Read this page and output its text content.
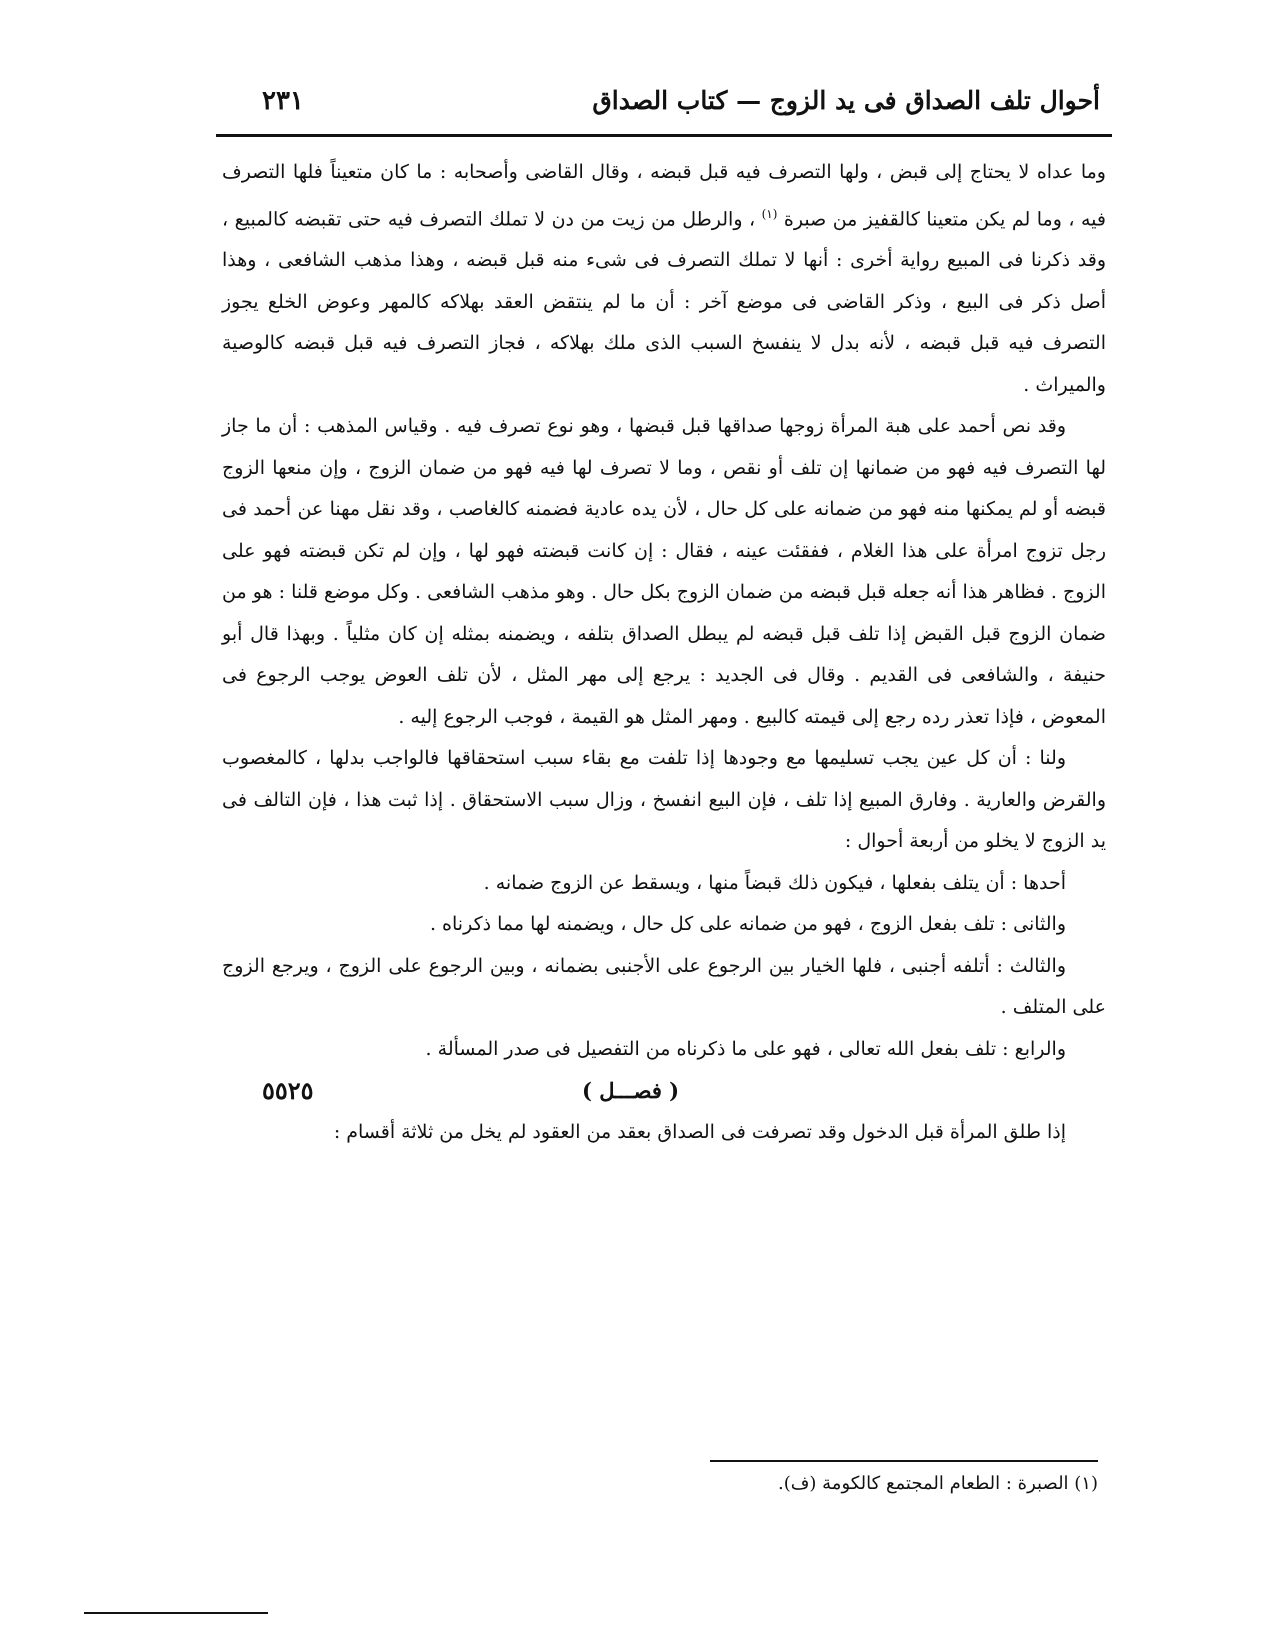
أحوال تلف الصداق فى يد الزوج — كتاب الصداق
٢٣١

وما عداه لا يحتاج إلى قبض ، ولها التصرف فيه قبل قبضه ، وقال القاضى وأصحابه : ما كان متعيناً فلها التصرف فيه ، وما لم يكن متعينا كالقفيز من صبرة $^{(١)}$ ، والرطل من زيت من دن لا تملك التصرف فيه حتى تقبضه كالمبيع ، وقد ذكرنا فى المبيع رواية أخرى : أنها لا تملك التصرف فى شىء منه قبل قبضه ، وهذا مذهب الشافعى ، وهذا أصل ذكر فى البيع ، وذكر القاضى فى موضع آخر : أن ما لم ينتقض العقد بهلاكه كالمهر وعوض الخلع يجوز التصرف فيه قبل قبضه ، لأنه بدل لا ينفسخ السبب الذى ملك بهلاكه ، فجاز التصرف فيه قبل قبضه كالوصية والميراث .

وقد نص أحمد على هبة المرأة زوجها صداقها قبل قبضها ، وهو نوع تصرف فيه . وقياس المذهب : أن ما جاز لها التصرف فيه فهو من ضمانها إن تلف أو نقص ، وما لا تصرف لها فيه فهو من ضمان الزوج ، وإن منعها الزوج قبضه أو لم يمكنها منه فهو من ضمانه على كل حال ، لأن يده عادية فضمنه كالغاصب ، وقد نقل مهنا عن أحمد فى رجل تزوج امرأة على هذا الغلام ، ففقئت عينه ، فقال : إن كانت قبضته فهو لها ، وإن لم تكن قبضته فهو على الزوج . فظاهر هذا أنه جعله قبل قبضه من ضمان الزوج بكل حال . وهو مذهب الشافعى . وكل موضع قلنا : هو من ضمان الزوج قبل القبض إذا تلف قبل قبضه لم يبطل الصداق بتلفه ، ويضمنه بمثله إن كان مثلياً . وبهذا قال أبو حنيفة ، والشافعى فى القديم . وقال فى الجديد : يرجع إلى مهر المثل ، لأن تلف العوض يوجب الرجوع فى المعوض ، فإذا تعذر رده رجع إلى قيمته كالبيع . ومهر المثل هو القيمة ، فوجب الرجوع إليه .

ولنا : أن كل عين يجب تسليمها مع وجودها إذا تلفت مع بقاء سبب استحقاقها فالواجب بدلها ، كالمغصوب والقرض والعارية . وفارق المبيع إذا تلف ، فإن البيع انفسخ ، وزال سبب الاستحقاق . إذا ثبت هذا ، فإن التالف فى يد الزوج لا يخلو من أربعة أحوال :

أحدها : أن يتلف بفعلها ، فيكون ذلك قبضاً منها ، ويسقط عن الزوج ضمانه .

والثانى : تلف بفعل الزوج ، فهو من ضمانه على كل حال ، ويضمنه لها مما ذكرناه .

والثالث : أتلفه أجنبى ، فلها الخيار بين الرجوع على الأجنبى بضمانه ، وبين الرجوع على الزوج ، ويرجع الزوج على المتلف .

والرابع : تلف بفعل الله تعالى ، فهو على ما ذكرناه من التفصيل فى صدر المسألة .

٥٥٢٥	( فصـــل )

إذا طلق المرأة قبل الدخول وقد تصرفت فى الصداق بعقد من العقود لم يخل من ثلاثة أقسام :

(١) الصبرة : الطعام المجتمع كالكومة (ف).
